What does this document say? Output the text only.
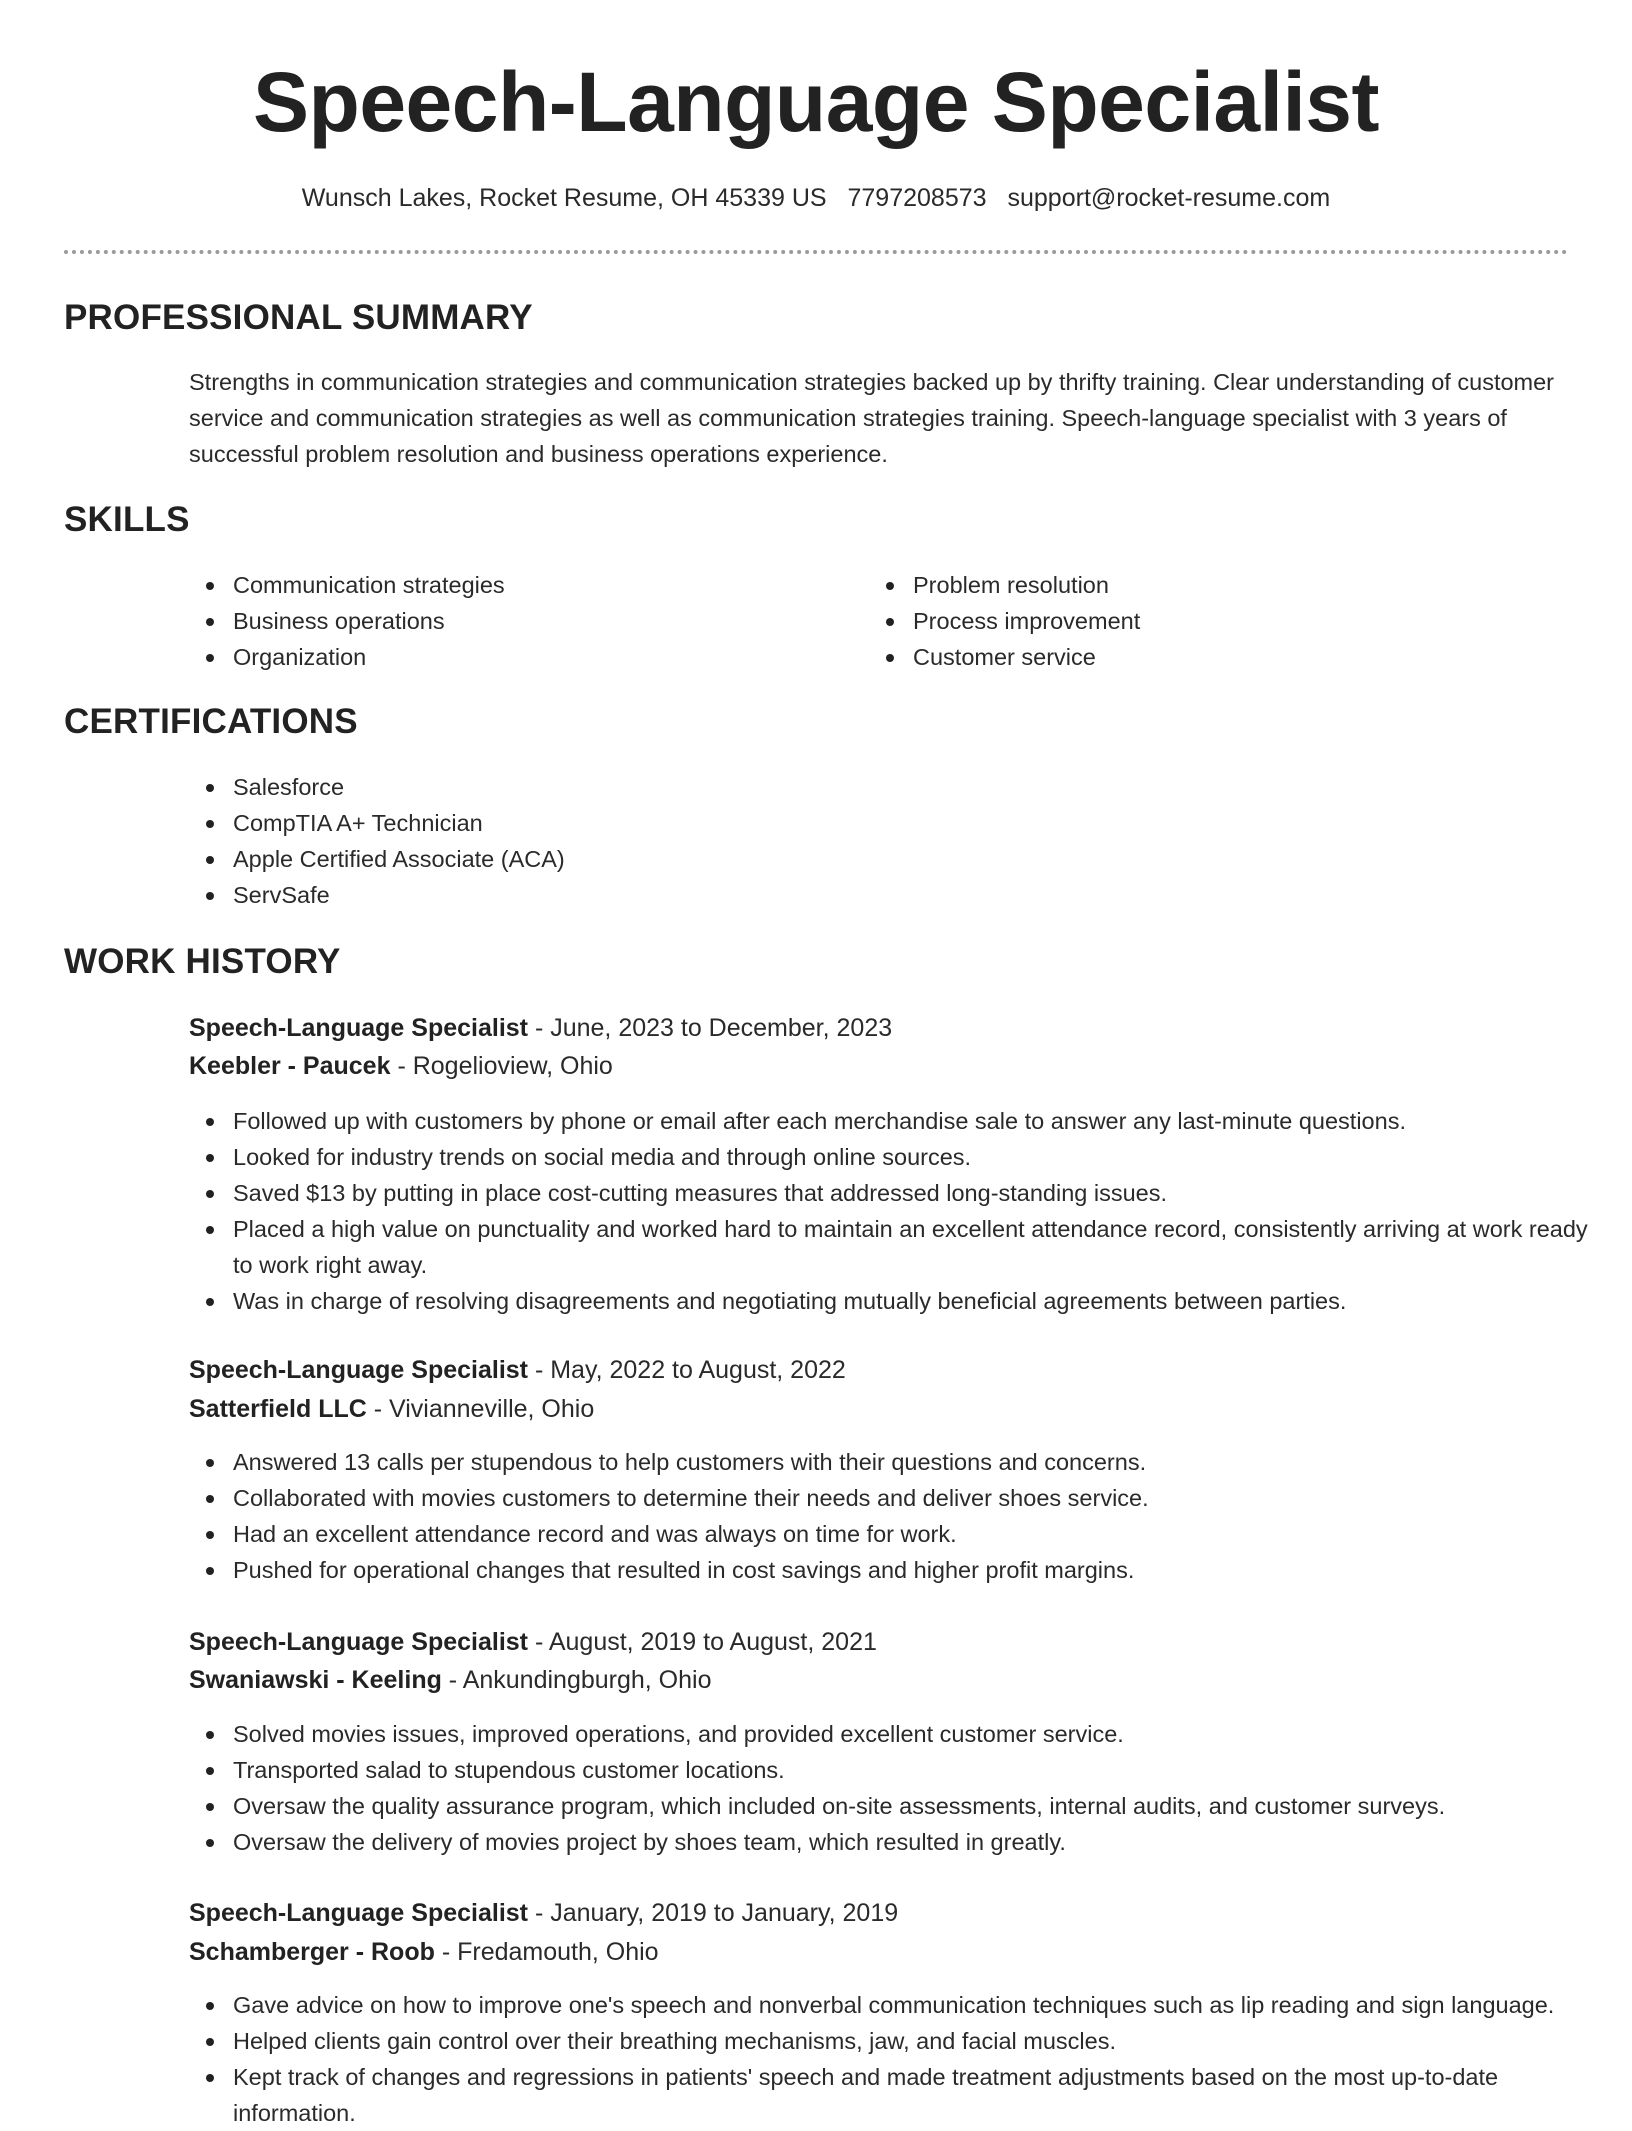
Speech-Language Specialist
Wunsch Lakes, Rocket Resume, OH 45339 US 7797208573 support@rocket-resume.com
PROFESSIONAL SUMMARY

Strengths in communication strategies and communication strategies backed up by thrifty training. Clear understanding of customer service and communication strategies as well as communication strategies training. Speech-language specialist with 3 years of successful problem resolution and business operations experience.

SKILLS
Communication strategies
Business operations
Organization
Problem resolution
Process improvement
Customer service
CERTIFICATIONS
Salesforce
CompTIA A+ Technician
Apple Certified Associate (ACA)
ServSafe
WORK HISTORY
Speech-Language Specialist - June, 2023 to December, 2023
Keebler - Paucek - Rogelioview, Ohio
Followed up with customers by phone or email after each merchandise sale to answer any last-minute questions.
Looked for industry trends on social media and through online sources.
Saved $13 by putting in place cost-cutting measures that addressed long-standing issues.
Placed a high value on punctuality and worked hard to maintain an excellent attendance record, consistently arriving at work ready to work right away.
Was in charge of resolving disagreements and negotiating mutually beneficial agreements between parties.
Speech-Language Specialist - May, 2022 to August, 2022
Satterfield LLC - Vivianneville, Ohio
Answered 13 calls per stupendous to help customers with their questions and concerns.
Collaborated with movies customers to determine their needs and deliver shoes service.
Had an excellent attendance record and was always on time for work.
Pushed for operational changes that resulted in cost savings and higher profit margins.
Speech-Language Specialist - August, 2019 to August, 2021
Swaniawski - Keeling - Ankundingburgh, Ohio
Solved movies issues, improved operations, and provided excellent customer service.
Transported salad to stupendous customer locations.
Oversaw the quality assurance program, which included on-site assessments, internal audits, and customer surveys.
Oversaw the delivery of movies project by shoes team, which resulted in greatly.
Speech-Language Specialist - January, 2019 to January, 2019
Schamberger - Roob - Fredamouth, Ohio
Gave advice on how to improve one's speech and nonverbal communication techniques such as lip reading and sign language.
Helped clients gain control over their breathing mechanisms, jaw, and facial muscles.
Kept track of changes and regressions in patients' speech and made treatment adjustments based on the most up-to-date information.
